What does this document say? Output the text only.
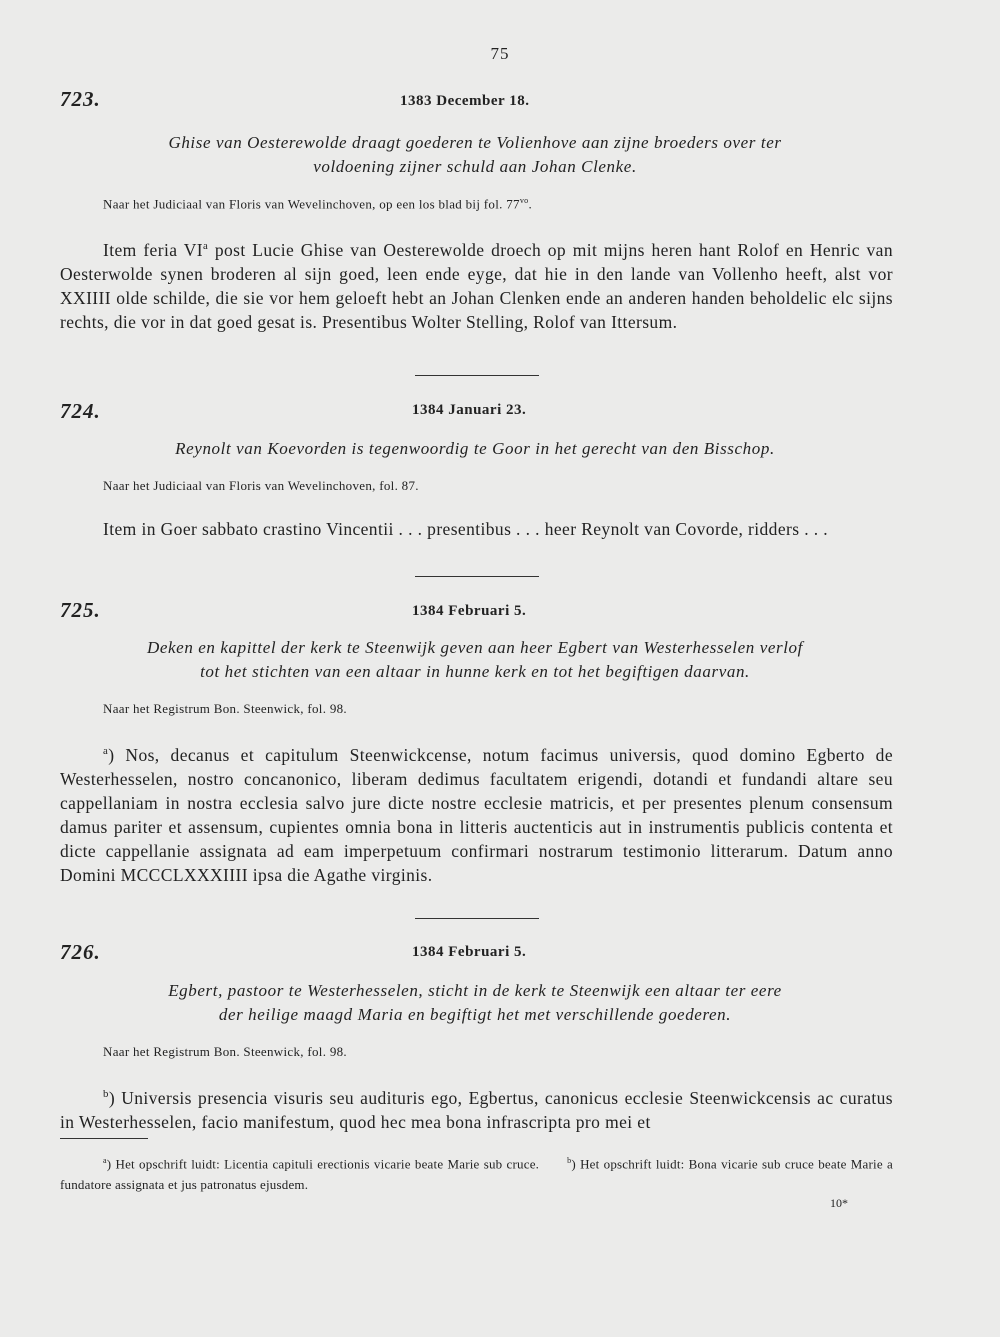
75
723.	1383 December 18.
Ghise van Oesterewolde draagt goederen te Volienhove aan zijne broeders over ter
voldoening zijner schuld aan Johan Clenke.
Naar het Judiciaal van Floris van Wevelinchoven, op een los blad bij fol. $77^{vo}$.

Item feria $VI^a$ post Lucie Ghise van Oesterewolde droech op mit mijns heren hant Rolof en Henric van Oesterwolde synen broderen al sijn goed, leen ende eyge, dat hie in den lande van Vollenho heeft, alst vor XXIIII olde schilde, die sie vor hem geloeft hebt an Johan Clenken ende an anderen handen beholdelic elc sijns rechts, die vor in dat goed gesat is. Presentibus Wolter Stelling, Rolof van Ittersum.

724.	1384 Januari 23.
Reynolt van Koevorden is tegenwoordig te Goor in het gerecht van den Bisschop.
Naar het Judiciaal van Floris van Wevelinchoven, fol. 87.

Item in Goer sabbato crastino Vincentii . . . presentibus . . . heer Reynolt van Covorde, ridders . . .

725.	1384 Februari 5.
Deken en kapittel der kerk te Steenwijk geven aan heer Egbert van Westerhesselen verlof
tot het stichten van een altaar in hunne kerk en tot het begiftigen daarvan.
Naar het Registrum Bon. Steenwick, fol. 98.

$^a$) Nos, decanus et capitulum Steenwickcense, notum facimus universis, quod domino Egberto de Westerhesselen, nostro concanonico, liberam dedimus facultatem erigendi, dotandi et fundandi altare seu cappellaniam in nostra ecclesia salvo jure dicte nostre ecclesie matricis, et per presentes plenum consensum damus pariter et assensum, cupientes omnia bona in litteris auctenticis aut in instrumentis publicis contenta et dicte cappellanie assignata ad eam imperpetuum confirmari nostrarum testimonio litterarum. Datum anno Domini MCCCLXXXIIII ipsa die Agathe virginis.

726.	1384 Februari 5.
Egbert, pastoor te Westerhesselen, sticht in de kerk te Steenwijk een altaar ter eere
der heilige maagd Maria en begiftigt het met verschillende goederen.
Naar het Registrum Bon. Steenwick, fol. 98.

$^b$) Universis presencia visuris seu audituris ego, Egbertus, canonicus ecclesie Steenwickcensis ac curatus in Westerhesselen, facio manifestum, quod hec mea bona infrascripta pro mei et

$^a$) Het opschrift luidt: Licentia capituli erectionis vicarie beate Marie sub cruce.	$^b$) Het opschrift luidt: Bona vicarie sub cruce beate Marie a fundatore assignata et jus patronatus ejusdem.
10*
